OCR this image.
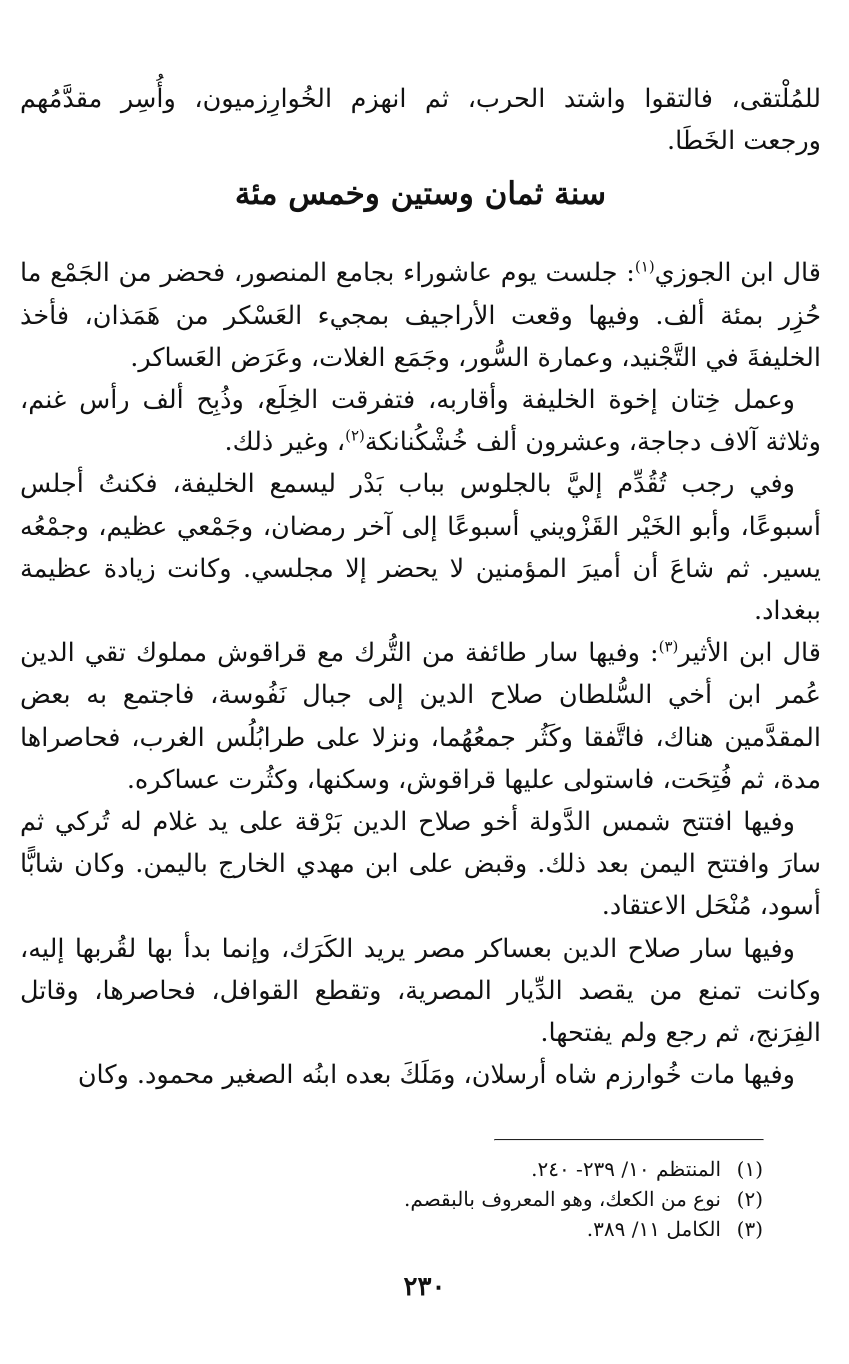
للمُلْتقى، فالتقوا واشتد الحرب، ثم انهزم الخُوارِزميون، وأُسِر مقدَّمُهم ورجعت الخَطَا.

سنة ثمان وستين وخمس مئة

قال ابن الجوزي$^{(١)}$: جلست يوم عاشوراء بجامع المنصور، فحضر من الجَمْع ما حُزِر بمئة ألف. وفيها وقعت الأراجيف بمجيء العَسْكر من هَمَذان، فأخذ الخليفةَ في التَّجْنيد، وعمارة السُّور، وجَمَع الغلات، وعَرَض العَساكر.

وعمل خِتان إخوة الخليفة وأقاربه، فتفرقت الخِلَع، وذُبِح ألف رأس غنم، وثلاثة آلاف دجاجة، وعشرون ألف خُشْكُنانكة$^{(٢)}$، وغير ذلك.

وفي رجب تُقُدِّم إليَّ بالجلوس بباب بَدْر ليسمع الخليفة، فكنتُ أجلس أسبوعًا، وأبو الخَيْر القَزْويني أسبوعًا إلى آخر رمضان، وجَمْعي عظيم، وجمْعُه يسير. ثم شاعَ أن أميرَ المؤمنين لا يحضر إلا مجلسي. وكانت زيادة عظيمة ببغداد.

قال ابن الأثير$^{(٣)}$: وفيها سار طائفة من التُّرك مع قراقوش مملوك تقي الدين عُمر ابن أخي السُّلطان صلاح الدين إلى جبال نَفُوسة، فاجتمع به بعض المقدَّمين هناك، فاتَّفقا وكَثُر جمعُهُما، ونزلا على طرابُلُس الغرب، فحاصراها مدة، ثم فُتِحَت، فاستولى عليها قراقوش، وسكنها، وكثُرت عساكره.

وفيها افتتح شمس الدَّولة أخو صلاح الدين بَرْقة على يد غلام له تُركي ثم سارَ وافتتح اليمن بعد ذلك. وقبض على ابن مهدي الخارج باليمن. وكان شابًّا أسود، مُنْحَل الاعتقاد.

وفيها سار صلاح الدين بعساكر مصر يريد الكَرَك، وإنما بدأ بها لقُربها إليه، وكانت تمنع من يقصد الدِّيار المصرية، وتقطع القوافل، فحاصرها، وقاتل الفِرَنج، ثم رجع ولم يفتحها.

وفيها مات خُوارزم شاه أرسلان، ومَلَكَ بعده ابنُه الصغير محمود. وكان

(١)
المنتظم ١٠/ ٢٣٩- ٢٤٠.
(٢)
نوع من الكعك، وهو المعروف بالبقصم.
(٣)
الكامل ١١/ ٣٨٩.
٢٣٠
